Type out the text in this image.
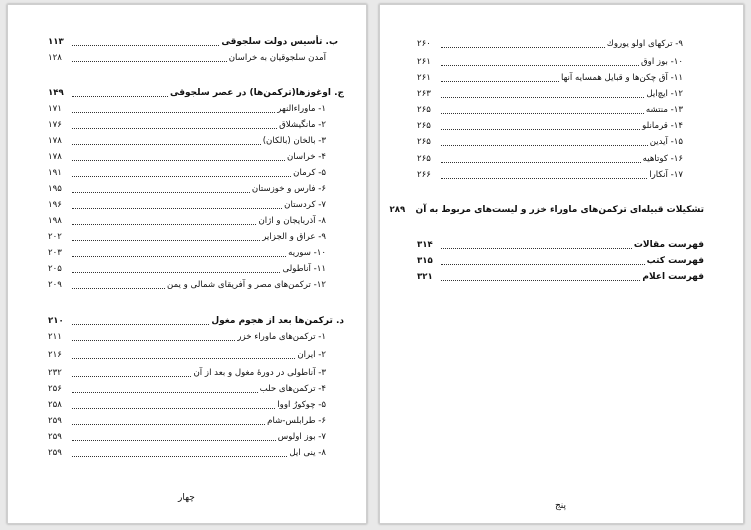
ب. تأسيس دولت سلجوقى
۱۱۳
آمدن سلجوقيان به خراسان
۱۲۸
ج. اوغوزها(تركمن‌ها) در عصر سلجوقى
۱۴۹
۱- ماوراءالنهر
۱۷۱
۲- مانگيشلاق
۱۷۶
۳- بالخان (بالكان)
۱۷۸
۴- خراسان
۱۷۸
۵- كرمان
۱۹۱
۶- فارس و خوزستان
۱۹۵
۷- كردستان
۱۹۶
۸- آذربايجان و اژان
۱۹۸
۹- عراق و الجزاير
۲۰۲
۱۰- سوريه
۲۰۳
۱۱- آناطولى
۲۰۵
۱۲- تركمن‌هاى مصر و آفريقاى شمالى و يمن
۲۰۹
د. تركمن‌ها بعد از هجوم مغول
۲۱۰
۱- تركمن‌هاى ماوراء خزر
۲۱۱
۲- ايران
۲۱۶
۳- آناطولى در دورهٔ مغول و بعد از آن
۲۳۲
۴- تركمن‌هاى حلب
۲۵۶
۵- چوكورُ اووا
۲۵۸
۶- طرابلس-شام
۲۵۹
۷- بوز اولوس
۲۵۹
۸- ينى ايل
۲۵۹
چهار
۹- تركهاى اولو يوروك
۲۶۰
۱۰- بوز اوق
۲۶۱
۱۱- آق چكن‌ها و قبايل همسايه آنها
۲۶۱
۱۲- ايچ‌ايل
۲۶۳
۱۳- منتشه
۲۶۵
۱۴- قرمانلو
۲۶۵
۱۵- آيدين
۲۶۵
۱۶- كوتاهيه
۲۶۵
۱۷- آنكارا
۲۶۶
تشكيلات قبيله‌اى تركمن‌هاى ماوراء خزر و ليست‌هاى مربوط به آن
۲۸۹
فهرست مقالات
۳۱۴
فهرست كتب
۳۱۵
فهرست اعلام
۳۲۱
پنج
